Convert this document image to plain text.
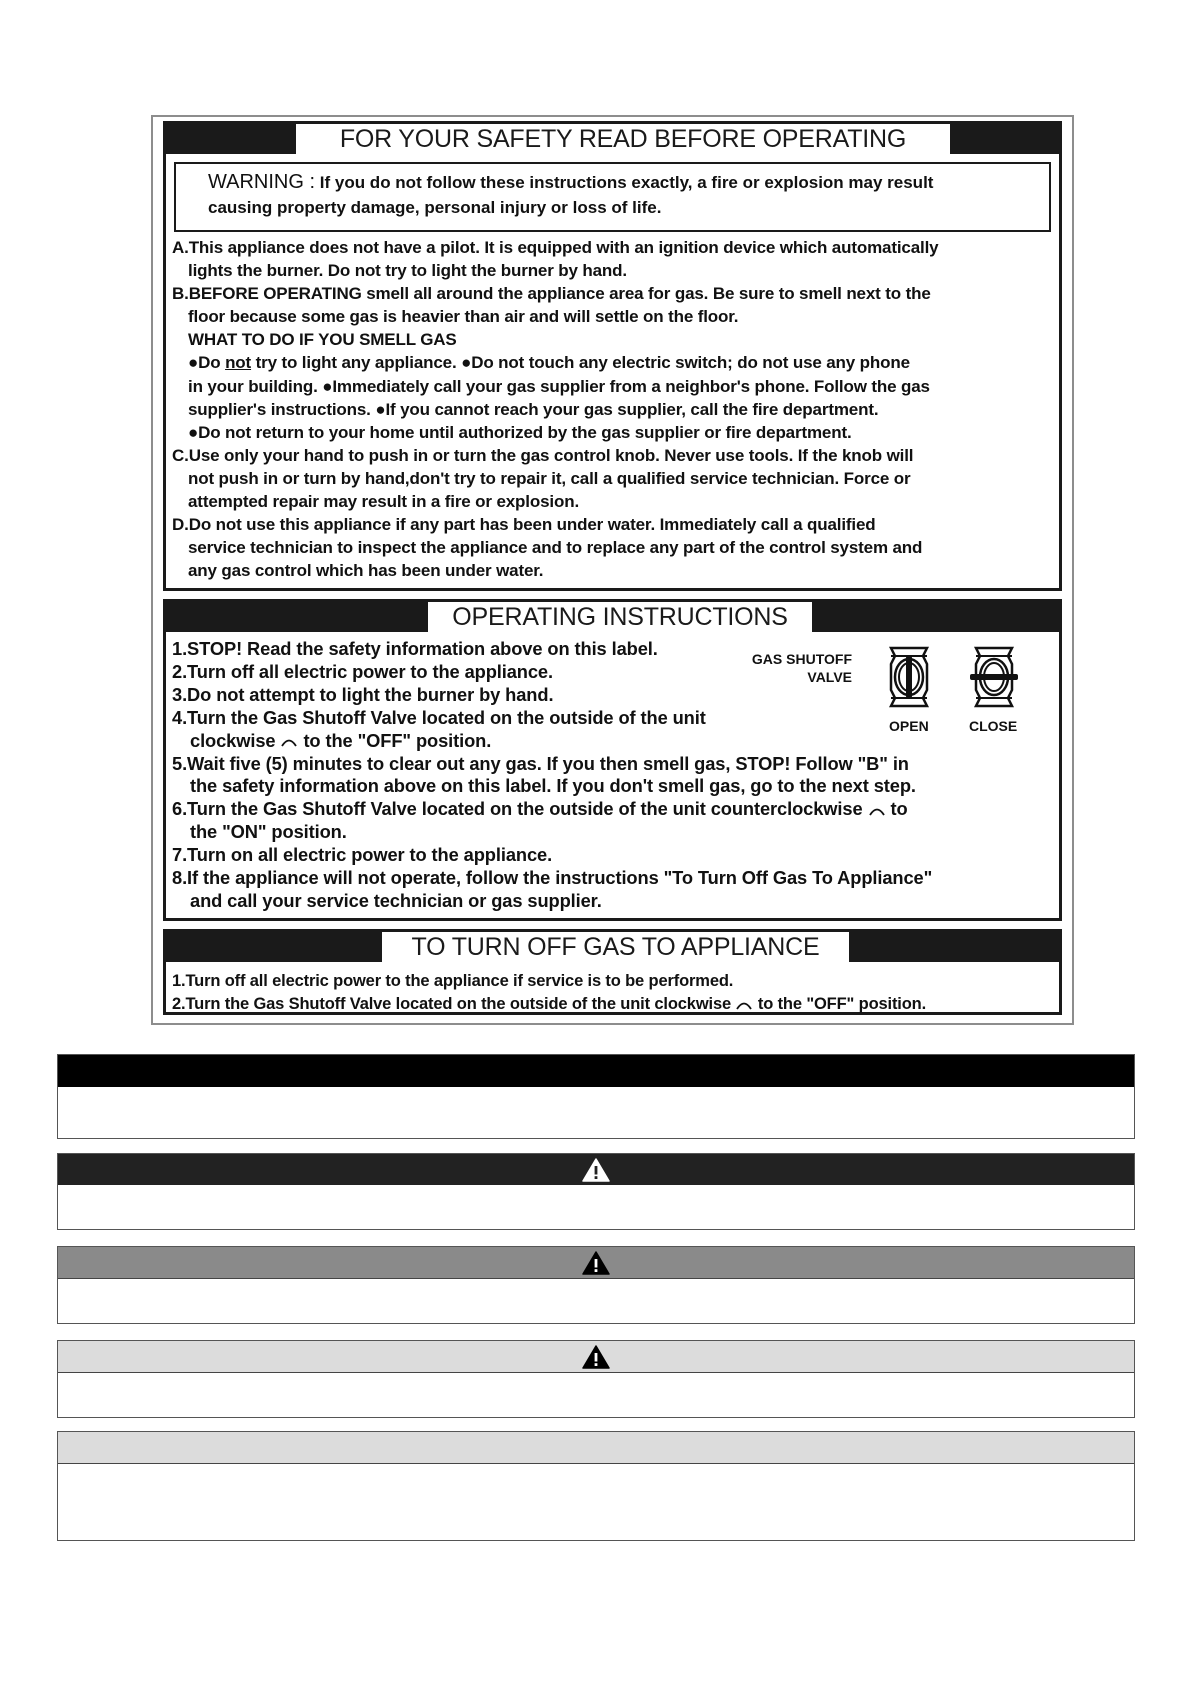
FOR YOUR SAFETY READ BEFORE OPERATING
WARNING : If you do not follow these instructions exactly, a fire or explosion may result
causing property damage, personal injury or loss of life.
A.This appliance does not have a pilot. It is equipped with an ignition device which automatically
lights the burner. Do not try to light the burner by hand.
B.BEFORE OPERATING smell all around the appliance area for gas. Be sure to smell next to the
floor because some gas is heavier than air and will settle on the floor.
WHAT TO DO IF YOU SMELL GAS
●Do not try to light any appliance. ●Do not touch any electric switch; do not use any phone
in your building. ●Immediately call your gas supplier from a neighbor's phone. Follow the gas
supplier's instructions. ●If you cannot reach your gas supplier, call the fire department.
●Do not return to your home until authorized by the gas supplier or fire department.
C.Use only your hand to push in or turn the gas control knob. Never use tools. If the knob will
not push in or turn by hand,don't try to repair it, call a qualified service technician. Force or
attempted repair may result in a fire or explosion.
D.Do not use this appliance if any part has been under water. Immediately call a qualified
service technician to inspect the appliance and to replace any part of the control system and
any gas control which has been under water.
OPERATING INSTRUCTIONS
GAS SHUTOFF
VALVE
OPEN	CLOSE
1.STOP! Read the safety information above on this label.
2.Turn off all electric power to the appliance.
3.Do not attempt to light the burner by hand.
4.Turn the Gas Shutoff Valve located on the outside of the unit
clockwise  to the "OFF" position.
5.Wait five (5) minutes to clear out any gas. If you then smell gas, STOP! Follow "B" in
the safety information above on this label. If you don't smell gas, go to the next step.
6.Turn the Gas Shutoff Valve located on the outside of the unit counterclockwise  to
the "ON" position.
7.Turn on all electric power to the appliance.
8.If the appliance will not operate, follow the instructions "To Turn Off Gas To Appliance"
and call your service technician or gas supplier.
TO TURN OFF GAS TO APPLIANCE
1.Turn off all electric power to the appliance if service is to be performed.
2.Turn the Gas Shutoff Valve located on the outside of the unit clockwise  to the "OFF" position.
